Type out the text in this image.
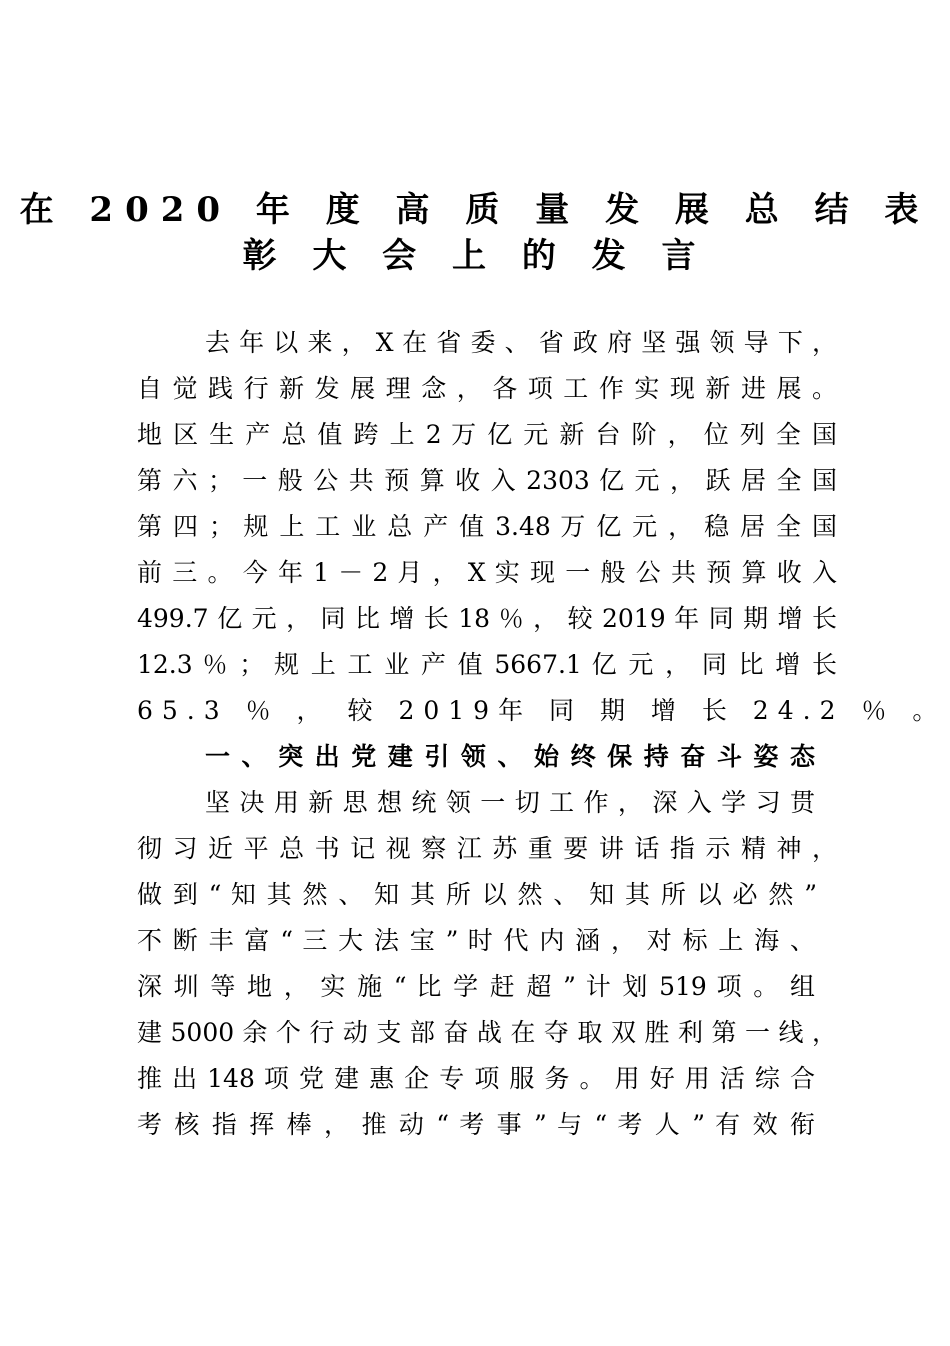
在 2020 年 度 高 质 量 发 展 总 结 表
彰 大 会 上 的 发 言
去 年 以 来 ， X 在 省 委 、 省 政 府 坚 强 领 导 下 ，
自 觉 践 行 新 发 展 理 念 ， 各 项 工 作 实 现 新 进 展 。
地 区 生 产 总 值 跨 上 2 万 亿 元 新 台 阶 ， 位 列 全 国
第 六 ； 一 般 公 共 预 算 收 入 2303 亿 元 ， 跃 居 全 国
第 四 ； 规 上 工 业 总 产 值 3.48 万 亿 元 ， 稳 居 全 国
前 三 。 今 年 1 － 2 月 ， X 实 现 一 般 公 共 预 算 收 入
499.7 亿 元 ， 同 比 增 长 18 ％ ， 较 2019 年 同 期 增 长
12.3 ％ ； 规 上 工 业 产 值 5667.1 亿 元 ， 同 比 增 长
65.3 ％ ， 较 2019年 同 期 增 长 24.2 ％ 。
一 、 突 出 党 建 引 领 、 始 终 保 持 奋 斗 姿 态
坚 决 用 新 思 想 统 领 一 切 工 作 ， 深 入 学 习 贯
彻 习 近 平 总 书 记 视 察 江 苏 重 要 讲 话 指 示 精 神 ，
做 到 “ 知 其 然 、 知 其 所 以 然 、 知 其 所 以 必 然 ”
不 断 丰 富 “ 三 大 法 宝 ” 时 代 内 涵 ， 对 标 上 海 、
深 圳 等 地 ， 实 施 “ 比 学 赶 超 ” 计 划 519 项 。 组
建 5000 余 个 行 动 支 部 奋 战 在 夺 取 双 胜 利 第 一 线 ，
推 出 148 项 党 建 惠 企 专 项 服 务 。 用 好 用 活 综 合
考 核 指 挥 棒 ， 推 动 “ 考 事 ” 与 “ 考 人 ” 有 效 衔
